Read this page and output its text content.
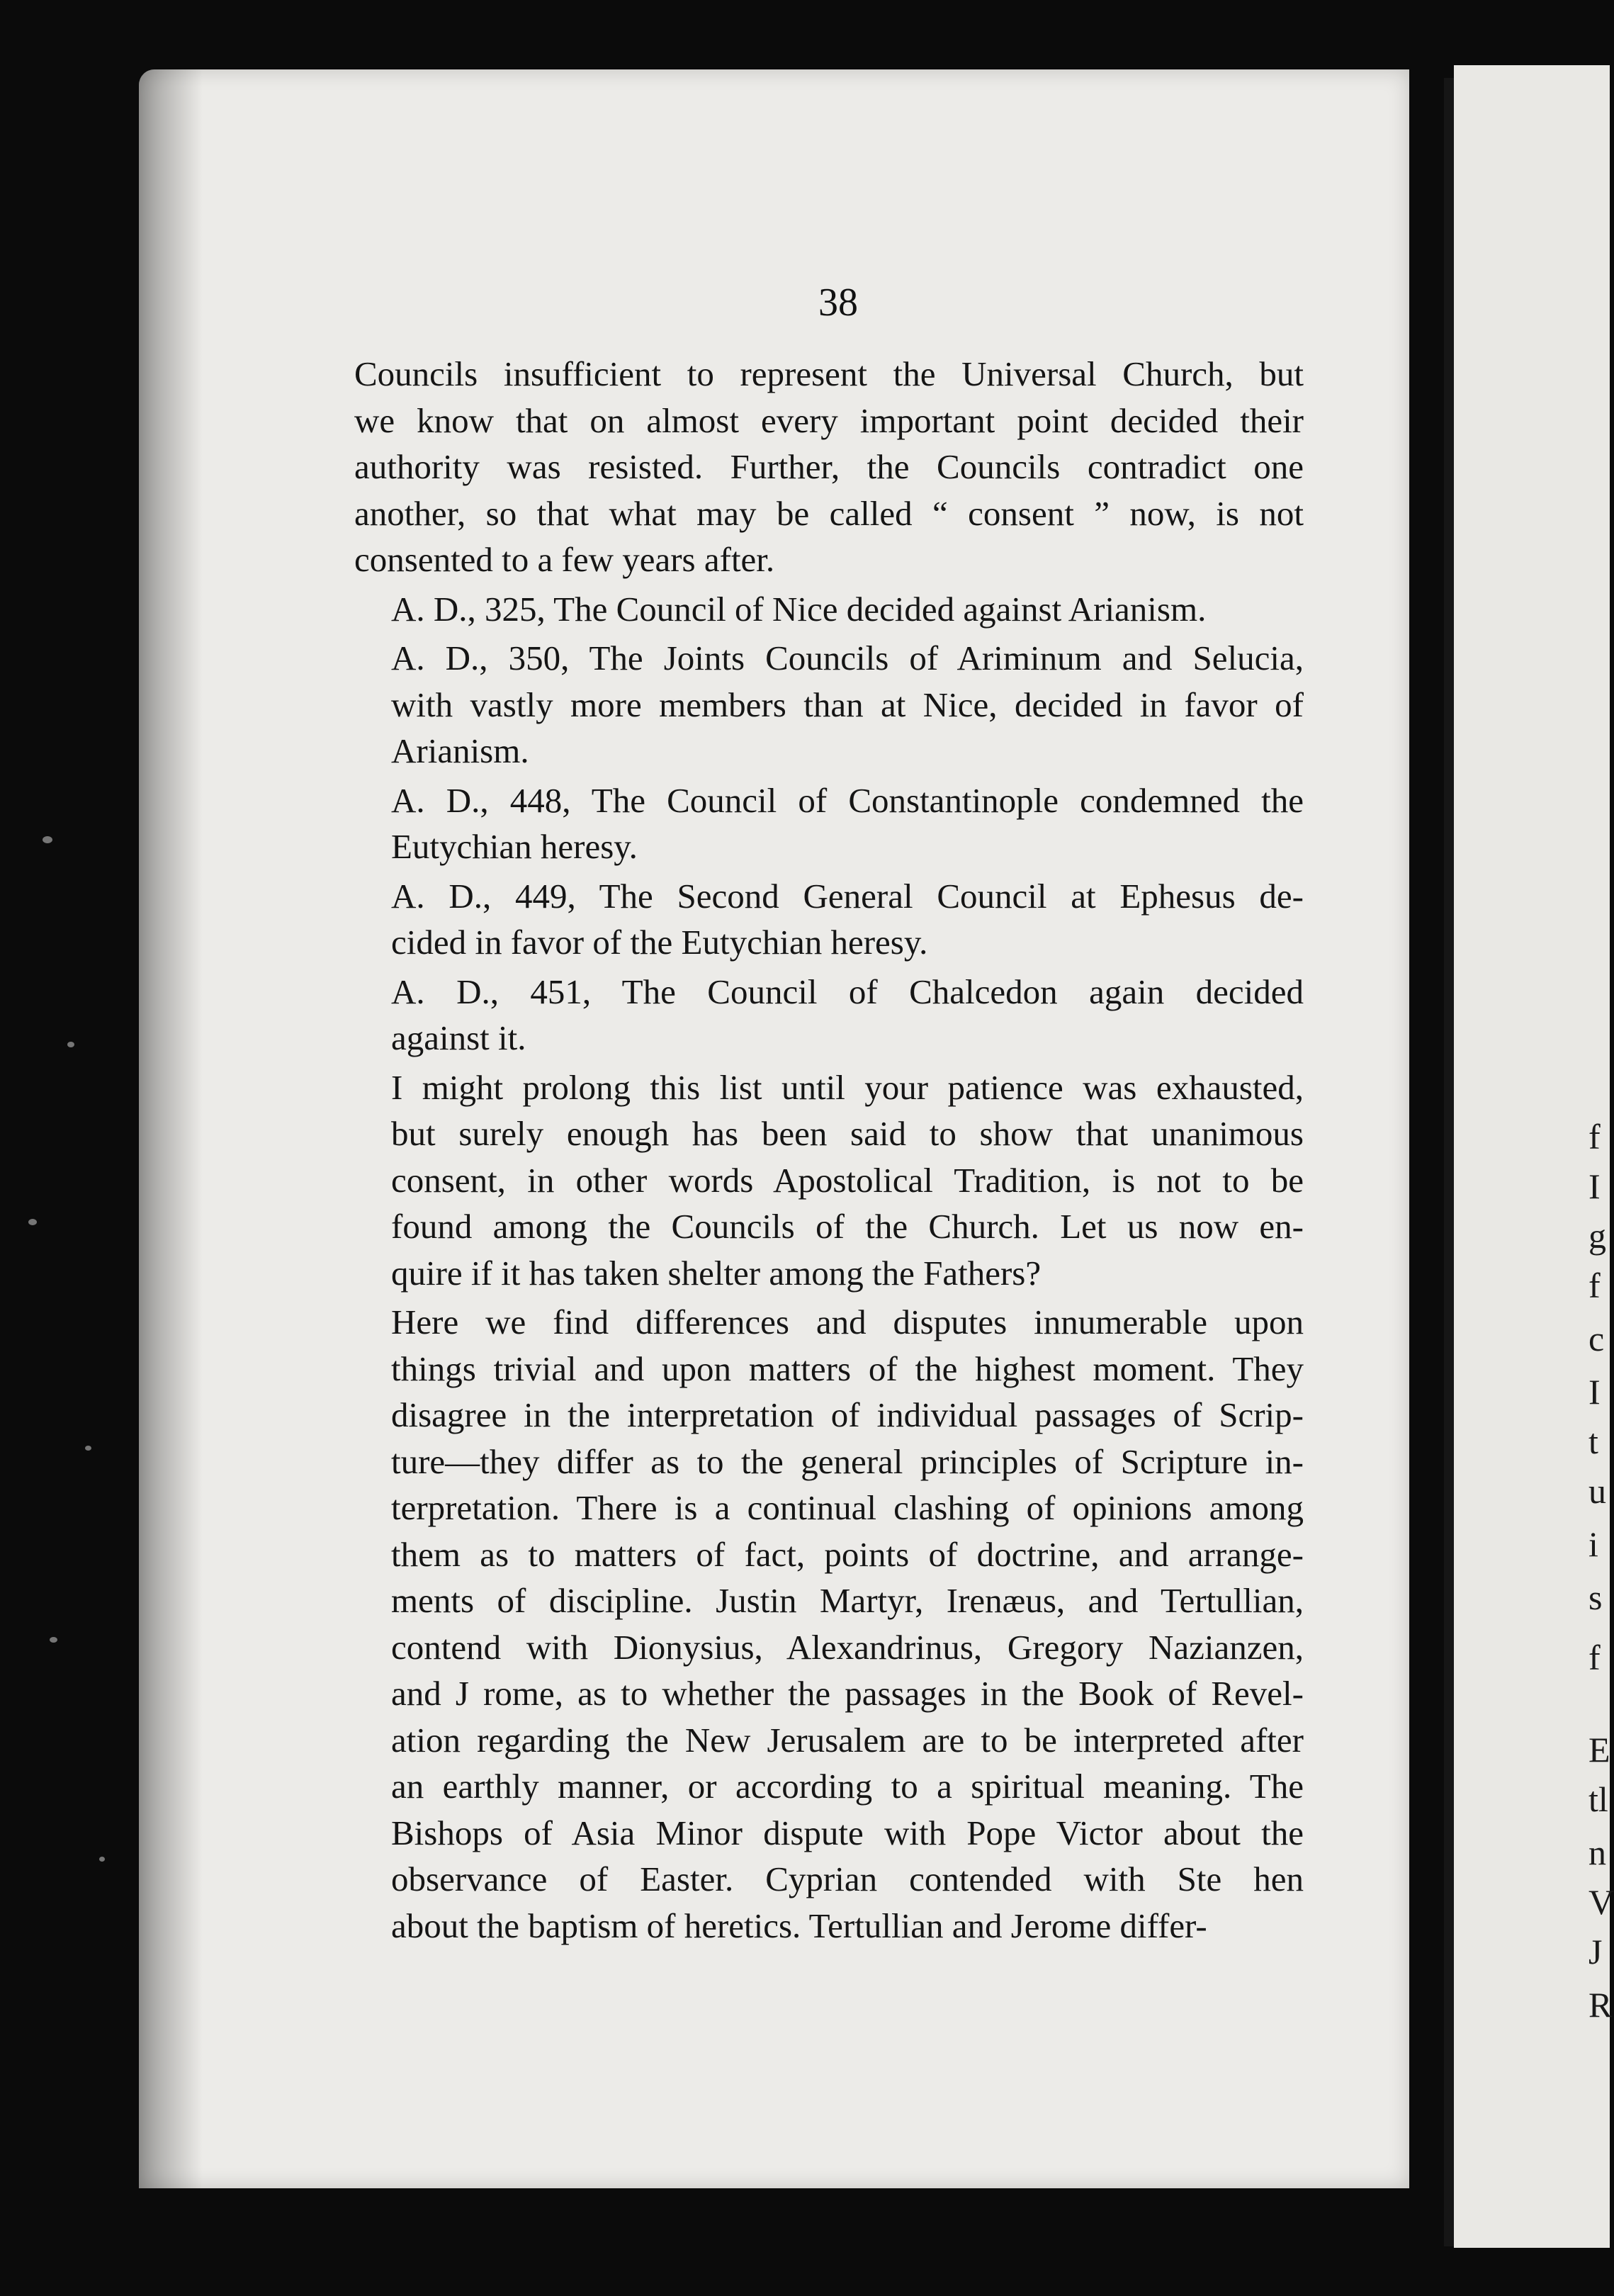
38

Councils insufficient to represent the Universal Church, but
we know that on almost every important point decided their
authority was resisted. Further, the Councils contradict one
another, so that what may be called “ consent ” now, is not
consented to a few years after.

A. D., 325, The Council of Nice decided against Arianism.

A. D., 350, The Joints Councils of Ariminum and Selucia,
with vastly more members than at Nice, decided in favor of
Arianism.

A. D., 448, The Council of Constantinople condemned the
Eutychian heresy.

A. D., 449, The Second General Council at Ephesus de-
cided in favor of the Eutychian heresy.

A. D., 451, The Council of Chalcedon again decided
against it.

I might prolong this list until your patience was exhausted,
but surely enough has been said to show that unanimous
consent, in other words Apostolical Tradition, is not to be
found among the Councils of the Church. Let us now en-
quire if it has taken shelter among the Fathers?

Here we find differences and disputes innumerable upon
things trivial and upon matters of the highest moment. They
disagree in the interpretation of individual passages of Scrip-
ture—they differ as to the general principles of Scripture in-
terpretation. There is a continual clashing of opinions among
them as to matters of fact, points of doctrine, and arrange-
ments of discipline. Justin Martyr, Irenæus, and Tertullian,
contend with Dionysius, Alexandrinus, Gregory Nazianzen,
and J rome, as to whether the passages in the Book of Revel-
ation regarding the New Jerusalem are to be interpreted after
an earthly manner, or according to a spiritual meaning. The
Bishops of Asia Minor dispute with Pope Victor about the
observance of Easter. Cyprian contended with Ste hen
about the baptism of heretics. Tertullian and Jerome differ-

f
I
g
f
c
I
t
u
i
s
f
E
tl
n
V
J
R
